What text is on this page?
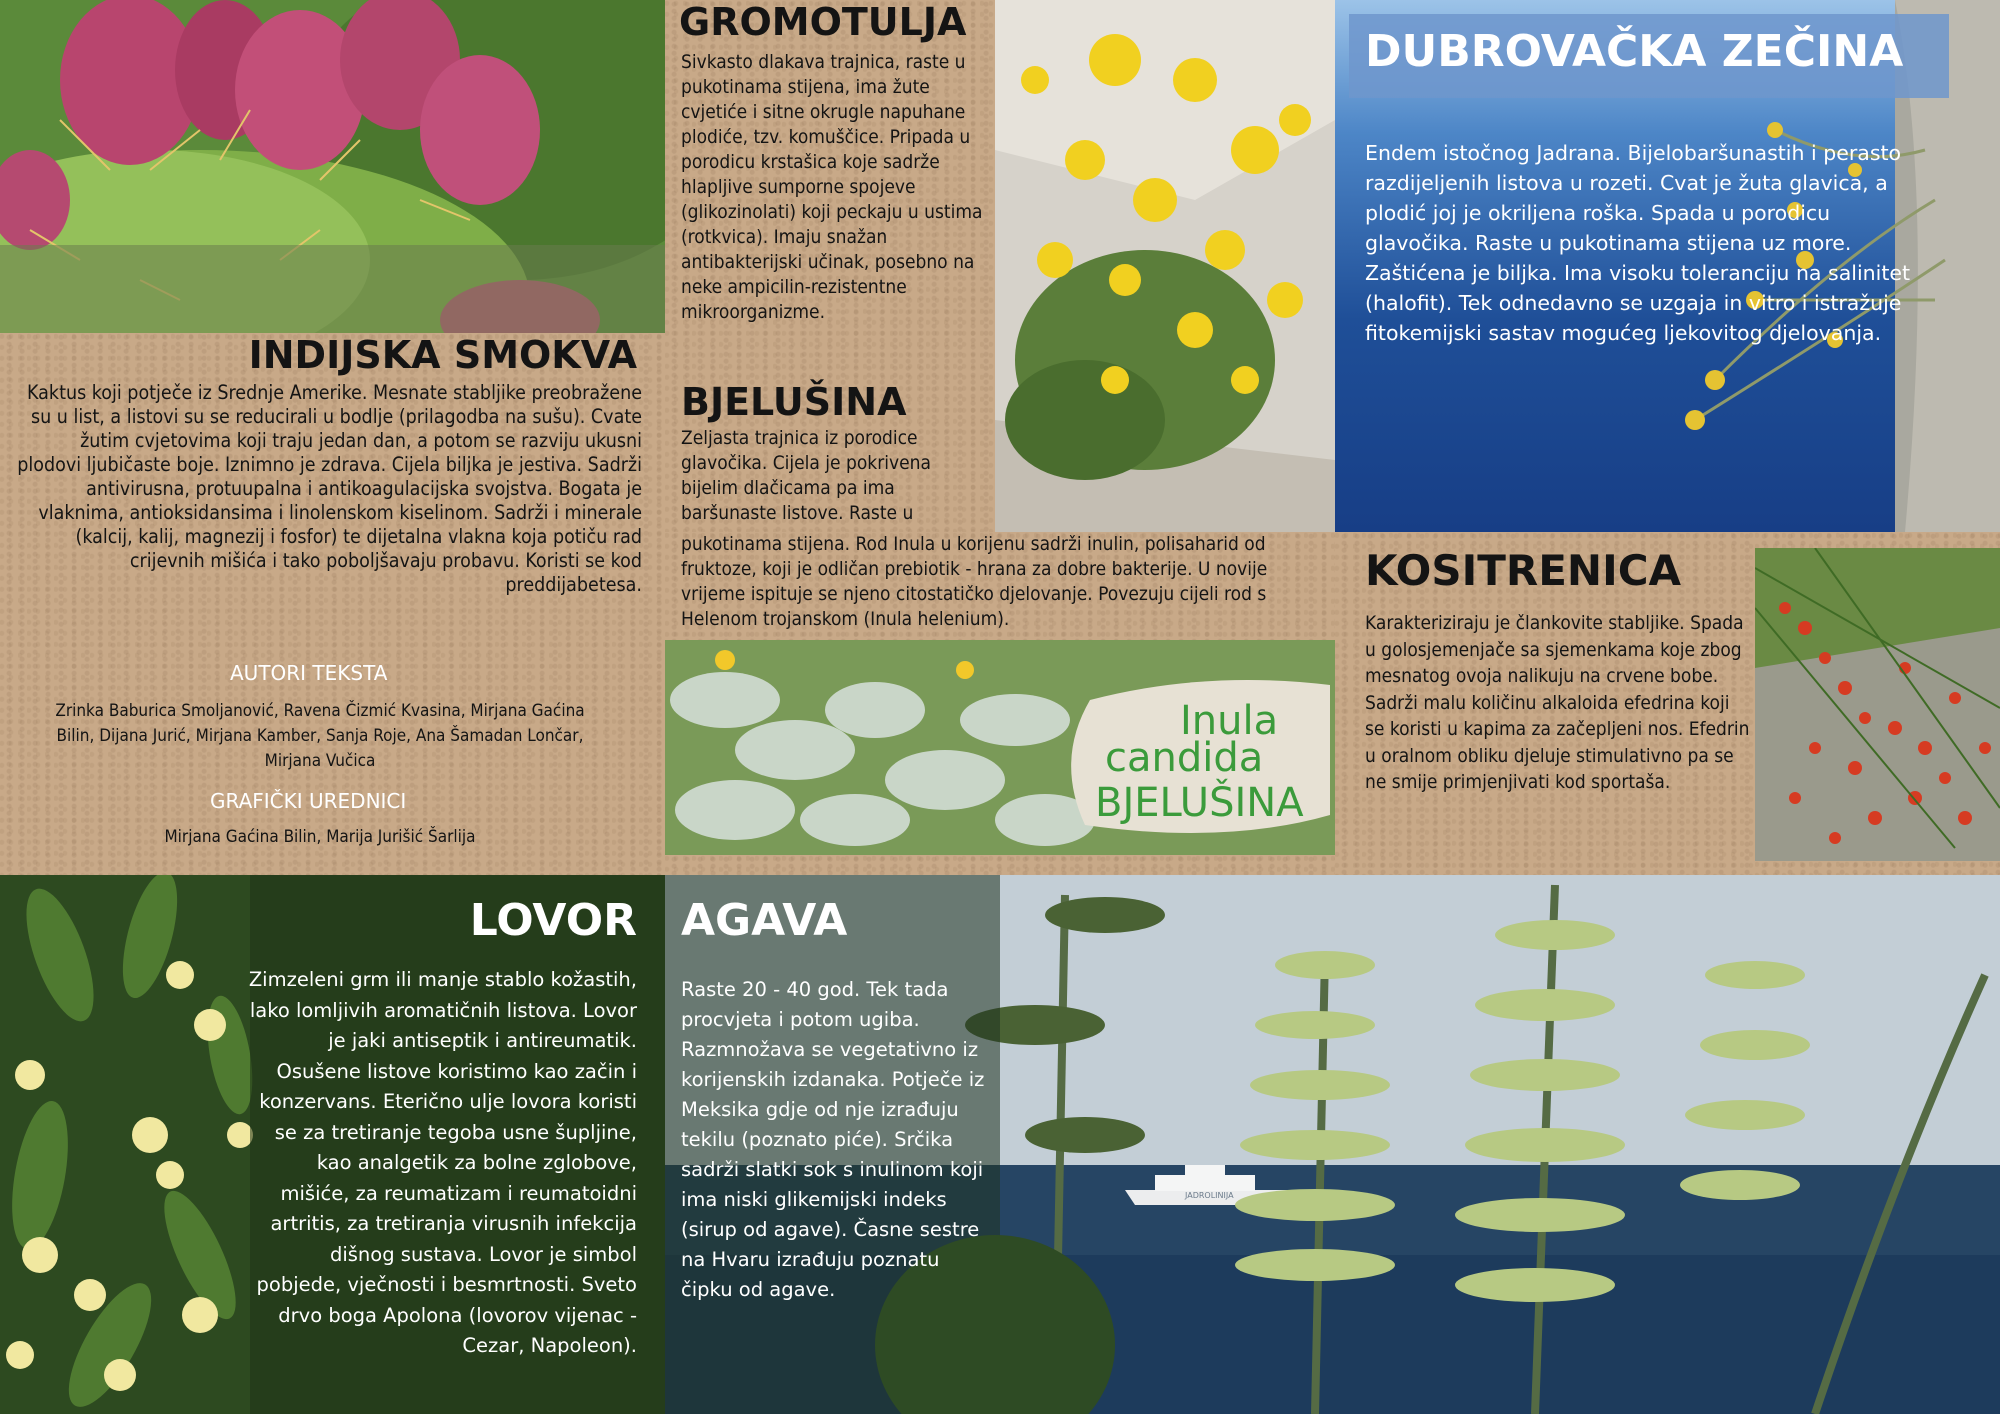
INDIJSKA SMOKVA

Kaktus koji potječe iz Srednje Amerike. Mesnate stabljike preobražene su u list, a listovi su se reducirali u bodlje (prilagodba na sušu). Cvate žutim cvjetovima koji traju jedan dan, a potom se razviju ukusni plodovi ljubičaste boje. Iznimno je zdrava. Cijela biljka je jestiva. Sadrži antivirusna, protuupalna i antikoagulacijska svojstva. Bogata je vlaknima, antioksidansima i linolenskom kiselinom. Sadrži i minerale (kalcij, kalij, magnezij i fosfor) te dijetalna vlakna koja potiču rad crijevnih mišića i tako poboljšavaju probavu. Koristi se kod preddijabetesa.

AUTORI TEKSTA

Zrinka Baburica Smoljanović, Ravena Čizmić Kvasina, Mirjana Gaćina Bilin, Dijana Jurić, Mirjana Kamber, Sanja Roje, Ana Šamadan Lončar, Mirjana Vučica

GRAFIČKI UREDNICI

Mirjana Gaćina Bilin, Marija Jurišić Šarlija

GROMOTULJA

Sivkasto dlakava trajnica, raste u pukotinama stijena, ima žute cvjetiće i sitne okrugle napuhane plodiće, tzv. komuščice. Pripada u porodicu krstašica koje sadrže hlapljive sumporne spojeve (glikozinolati) koji peckaju u ustima (rotkvica). Imaju snažan antibakterijski učinak, posebno na neke ampicilin-rezistentne mikroorganizme.

BJELUŠINA

Zeljasta trajnica iz porodice glavočika. Cijela je pokrivena bijelim dlačicama pa ima baršunaste listove. Raste u

DUBROVAČKA ZEČINA

Endem istočnog Jadrana. Bijelobaršunastih i perasto razdijeljenih listova u rozeti. Cvat je žuta glavica, a plodić joj je okriljena roška. Spada u porodicu glavočika. Raste u pukotinama stijena uz more. Zaštićena je biljka. Ima visoku toleranciju na salinitet (halofit). Tek odnedavno se uzgaja in vitro i istražuje fitokemijski sastav mogućeg ljekovitog djelovanja.

pukotinama stijena. Rod Inula u korijenu sadrži inulin, polisaharid od fruktoze, koji je odličan prebiotik - hrana za dobre bakterije. U novije vrijeme ispituje se njeno citostatičko djelovanje. Povezuju cijeli rod s Helenom trojanskom (Inula helenium).

KOSITRENICA

Karakteriziraju je člankovite stabljike. Spada u golosjemenjače sa sjemenkama koje zbog mesnatog ovoja nalikuju na crvene bobe. Sadrži malu količinu alkaloida efedrina koji se koristi u kapima za začepljeni nos. Efedrin u oralnom obliku djeluje stimulativno pa se ne smije primjenjivati kod sportaša.

Inula
candida
BJELUŠINA
LOVOR

Zimzeleni grm ili manje stablo kožastih, lako lomljivih aromatičnih listova. Lovor je jaki antiseptik i antireumatik. Osušene listove koristimo kao začin i konzervans. Eterično ulje lovora koristi se za tretiranje tegoba usne šupljine, kao analgetik za bolne zglobove, mišiće, za reumatizam i reumatoidni artritis, za tretiranja virusnih infekcija dišnog sustava. Lovor je simbol pobjede, vječnosti i besmrtnosti. Sveto drvo boga Apolona (lovorov vijenac - Cezar, Napoleon).

AGAVA

Raste 20 - 40 god. Tek tada procvjeta i potom ugiba. Razmnožava se vegetativno iz korijenskih izdanaka. Potječe iz Meksika gdje od nje izrađuju tekilu (poznato piće). Srčika sadrži slatki sok s inulinom koji ima niski glikemijski indeks (sirup od agave). Časne sestre na Hvaru izrađuju poznatu čipku od agave.

JADROLINIJA
